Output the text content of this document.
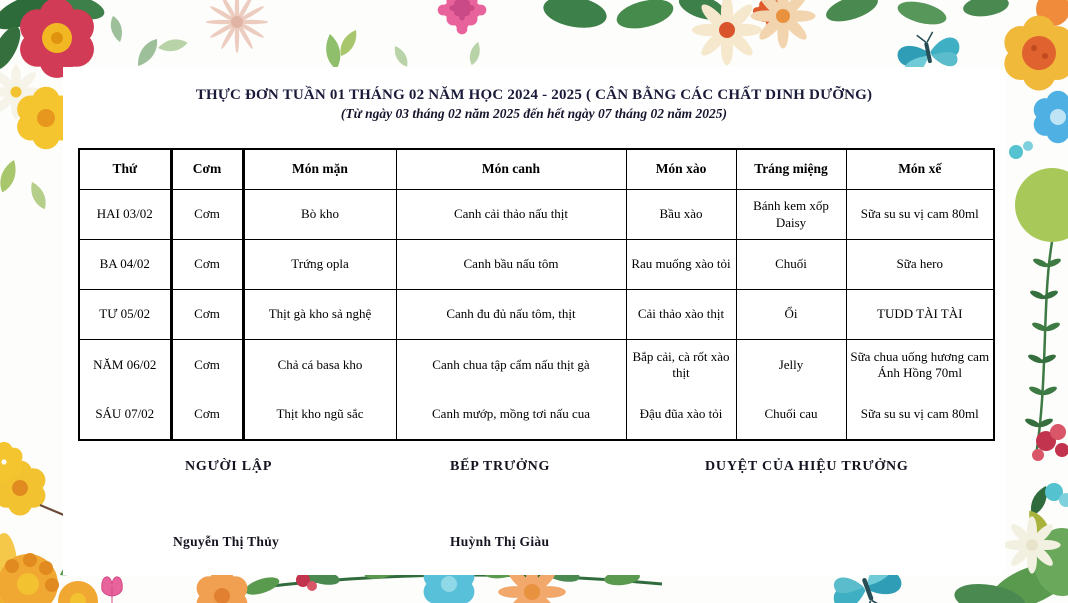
THỰC ĐƠN TUẦN 01 THÁNG 02 NĂM HỌC 2024 - 2025 ( CÂN BẰNG CÁC CHẤT DINH DƯỠNG)
(Từ ngày 03 tháng 02 năm 2025 đến hết ngày 07 tháng 02 năm 2025)
Thứ	Cơm	Món mặn	Món canh	Món xào	Tráng miệng	Món xế
HAI 03/02	Cơm	Bò kho	Canh cải thảo nấu thịt	Bầu xào	Bánh kem xốp Daisy	Sữa su su vị cam 80ml
BA 04/02	Cơm	Trứng opla	Canh bầu nấu tôm	Rau muống xào tỏi	Chuối	Sữa hero
TƯ 05/02	Cơm	Thịt gà kho sả nghệ	Canh đu đủ nấu tôm, thịt	Cải thảo xào thịt	Ổi	TUDD TÀI TÀI
NĂM 06/02	Cơm	Chả cá basa kho	Canh chua tập cẩm nấu thịt gà	Bắp cải, cà rốt xào thịt	Jelly	Sữa chua uống hương cam Ánh Hồng 70ml
SÁU 07/02	Cơm	Thịt kho ngũ sắc	Canh mướp, mồng tơi nấu cua	Đậu đũa xào tỏi	Chuối cau	Sữa su su vị cam 80ml
NGƯỜI LẬP	BẾP TRƯỞNG	DUYỆT CỦA HIỆU TRƯỞNG
Nguyễn Thị Thủy	Huỳnh Thị Giàu
